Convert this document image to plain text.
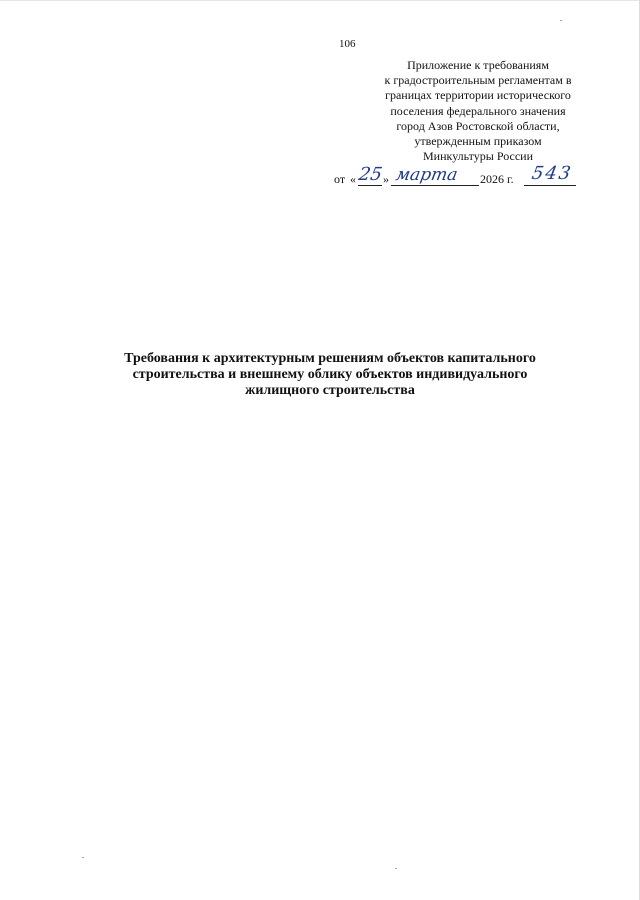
106
Приложение к требованиям
к градостроительным регламентам в
границах территории исторического
поселения федерального значения
город Азов Ростовской области,
утвержденным приказом
Минкультуры России
от « 25 » марта 2026 г. 543
Требования к архитектурным решениям объектов капитального
строительства и внешнему облику объектов индивидуального
жилищного строительства
